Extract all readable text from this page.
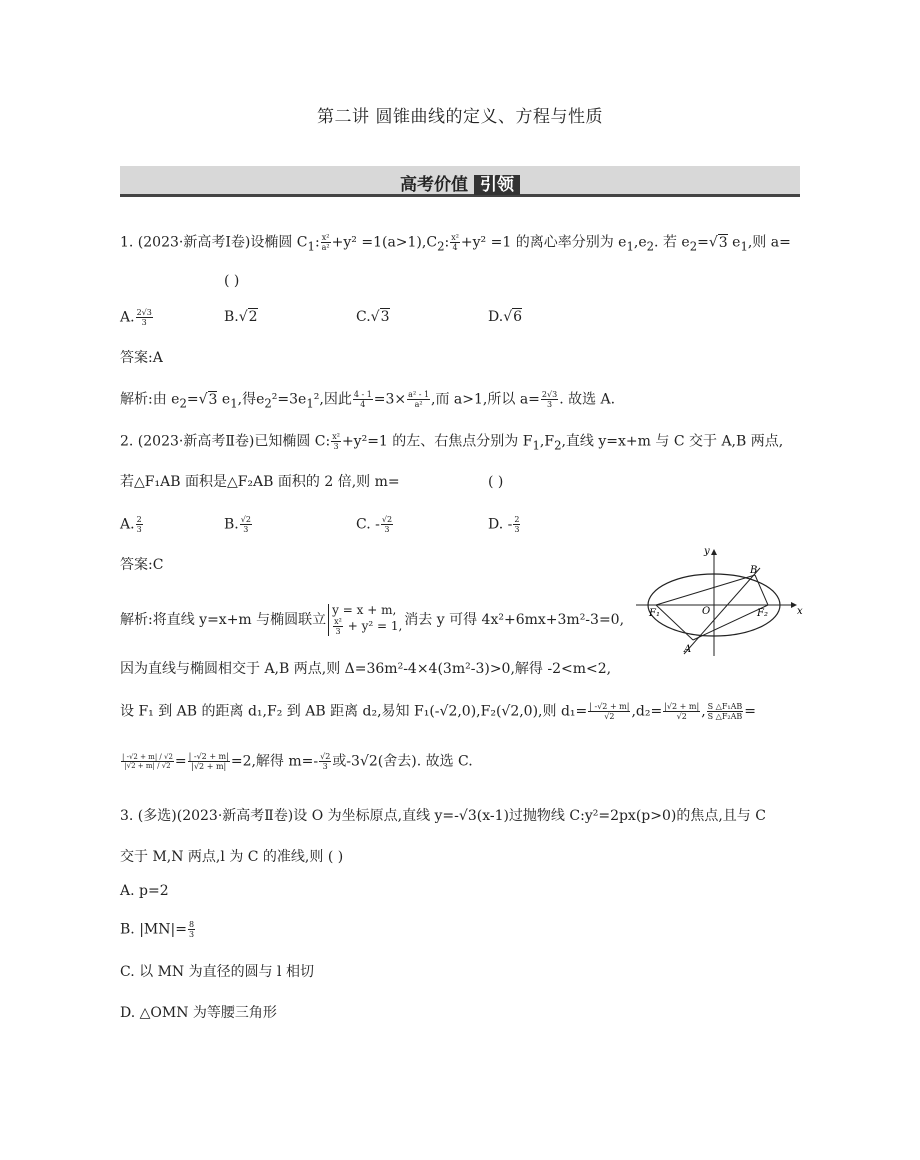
第二讲 圆锥曲线的定义、方程与性质
高考价值 引领
1. (2023·新高考Ⅰ卷)设椭圆 $C_1$: $\frac{\text{x²}}{\text{a²}} +y^2 =1(a>1),C_2$: $\frac{\text{x²}}{4} +y^2 =1$ 的离心率分别为 $e_1,e_2$. 若 $e_2=√3$ $e_1$,则 a=
( )
A. $\frac{2√3}{3}$	B.√2	C.√3	D.√6
答案:A
解析:由 $e_2=√3$ $e_1$,得$e_2^2=3e_1^2$,因此 $\frac{4 - 1}{4} =3\times \frac{\text{a² - 1}}{\text{a²}}$ ,而 a>1,所以 $a= \frac{2√3}{3}$ . 故选 A.
2. (2023·新高考Ⅱ卷)已知椭圆 C: $\frac{\text{x²}}{3} +y^2=1$ 的左、右焦点分别为 $F_1,F_2$,直线 y=x+m 与 C 交于 A,B 两点,
若△F₁AB 面积是△F₂AB 面积的 2 倍,则 m=	( )
A. $\frac{2}{3}$	B. $\frac{√2}{3}$	C. - $\frac{√2}{3}$	D. - $\frac{2}{3}$
答案:C
解析:将直线 y=x+m 与椭圆联立
y = x + m,
$\frac{\text{x²}}{3} + y^2 = 1$, 消去 y 可得 4x²+6mx+3m²-3=0,
因为直线与椭圆相交于 A,B 两点,则 Δ=36m²-4×4(3m²-3)>0,解得 -2<m<2,
设 F₁ 到 AB 的距离 d₁,F₂ 到 AB 距离 d₂,易知 F₁(-√2,0),F₂(√2,0),则 $d_1= \frac{| -√2 + m|}{√2} ,d_2= \frac{|√2 + m|}{√2}$ , $\frac{\text{S △F₁AB}}{\text{S △F₂AB}}$ =
$\frac{| -√2 + m| / √2}{|√2 + m| / √2} = \frac{| -√2 + m|}{|√2 + m|} =2$,解得 $m=- \frac{√2}{3}$ 或-3√2(舍去). 故选 C.
y
x
O
F₁	F₂
A
B
3. (多选)(2023·新高考Ⅱ卷)设 O 为坐标原点,直线 y=-√3(x-1)过抛物线 C:y²=2px(p>0)的焦点,且与 C
交于 M,N 两点,l 为 C 的准线,则 ( )
A. p=2
B. $|MN|= \frac{8}{3}$
C. 以 MN 为直径的圆与 l 相切
D. △OMN 为等腰三角形
